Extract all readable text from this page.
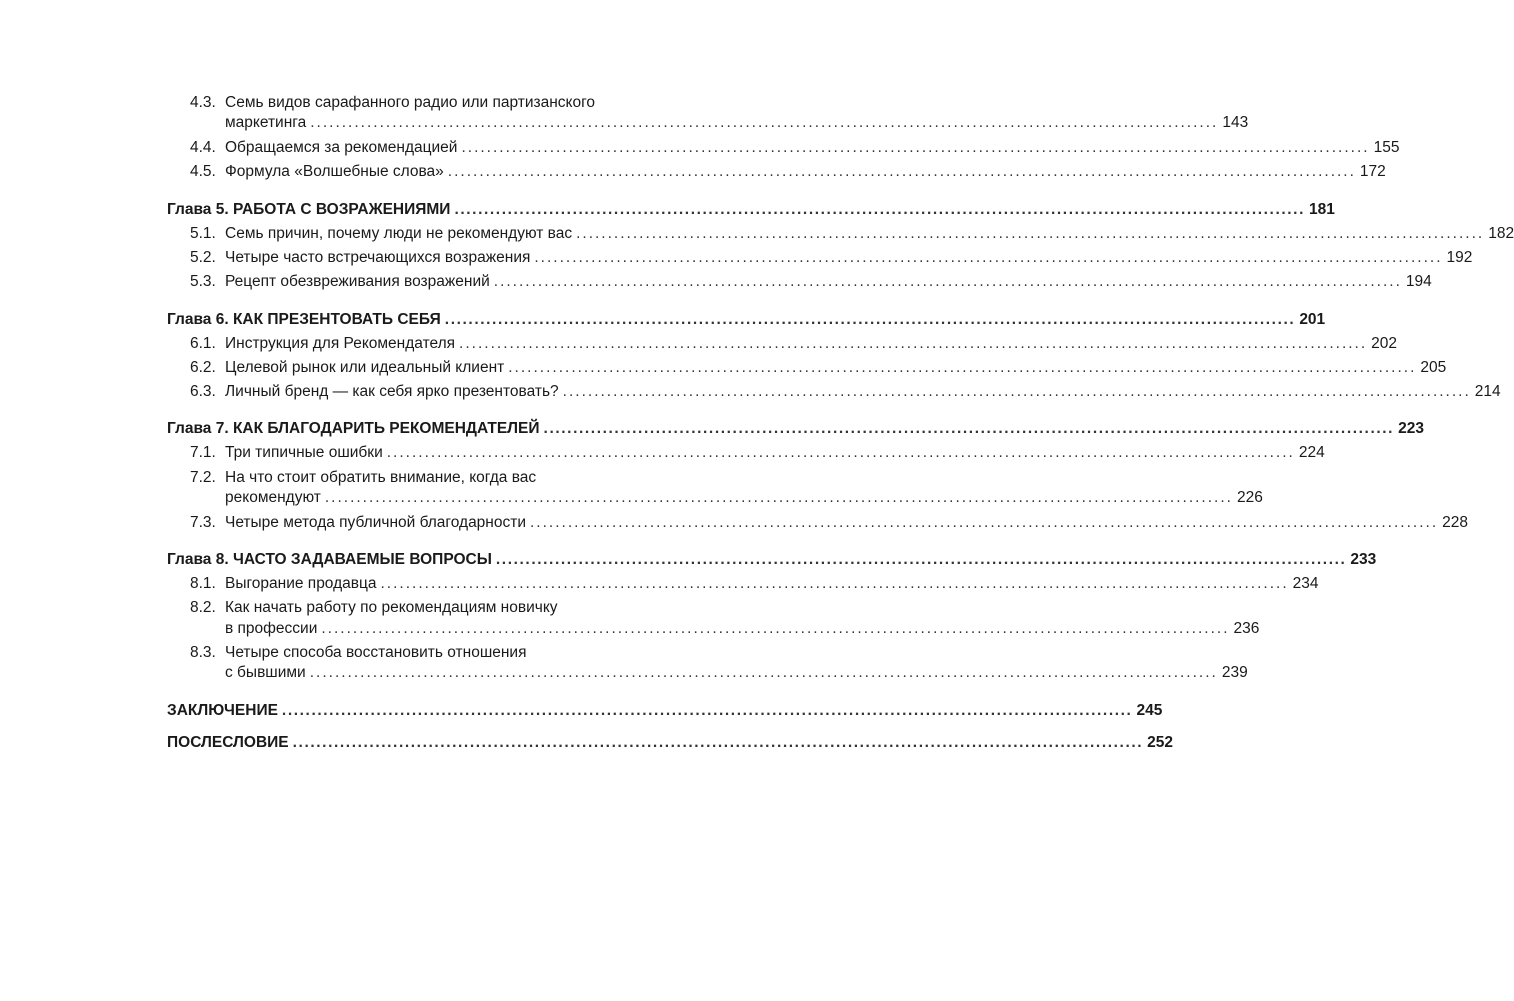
4.3. Семь видов сарафанного радио или партизанского
маркетинга ................................................................................................................................................ 143
4.4. Обращаемся за рекомендацией ................................................................................................................................................ 155
4.5. Формула «Волшебные слова» ................................................................................................................................................ 172
Глава 5. РАБОТА С ВОЗРАЖЕНИЯМИ ................................................................................................................................................ 181
5.1. Семь причин, почему люди не рекомендуют вас ................................................................................................................................................ 182
5.2. Четыре часто встречающихся возражения ................................................................................................................................................ 192
5.3. Рецепт обезвреживания возражений ................................................................................................................................................ 194
Глава 6. КАК ПРЕЗЕНТОВАТЬ СЕБЯ ................................................................................................................................................ 201
6.1. Инструкция для Рекомендателя ................................................................................................................................................ 202
6.2. Целевой рынок или идеальный клиент ................................................................................................................................................ 205
6.3. Личный бренд — как себя ярко презентовать? ................................................................................................................................................ 214
Глава 7. КАК БЛАГОДАРИТЬ РЕКОМЕНДАТЕЛЕЙ ................................................................................................................................................ 223
7.1. Три типичные ошибки ................................................................................................................................................ 224
7.2. На что стоит обратить внимание, когда вас
рекомендуют ................................................................................................................................................ 226
7.3. Четыре метода публичной благодарности ................................................................................................................................................ 228
Глава 8. ЧАСТО ЗАДАВАЕМЫЕ ВОПРОСЫ ................................................................................................................................................ 233
8.1. Выгорание продавца ................................................................................................................................................ 234
8.2. Как начать работу по рекомендациям новичку
в профессии ................................................................................................................................................ 236
8.3. Четыре способа восстановить отношения
с бывшими ................................................................................................................................................ 239
ЗАКЛЮЧЕНИЕ ................................................................................................................................................ 245
ПОСЛЕСЛОВИЕ ................................................................................................................................................ 252
